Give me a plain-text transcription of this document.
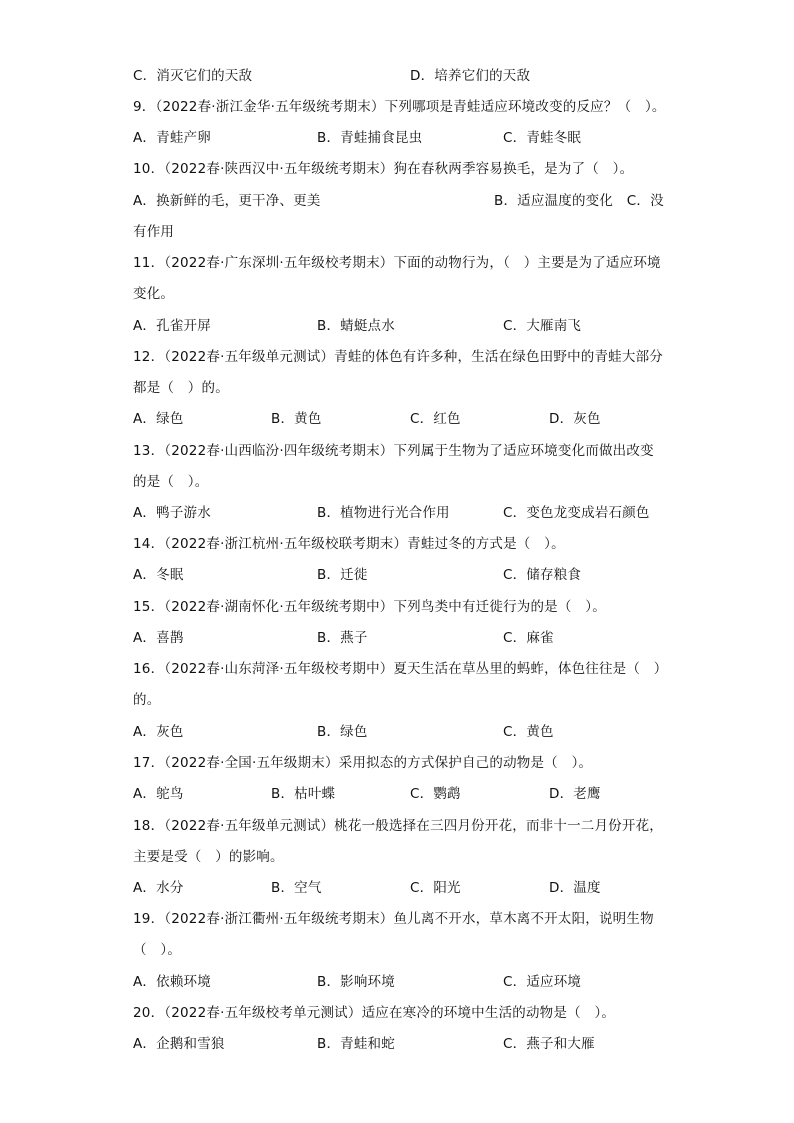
C．消灭它们的天敌	D．培养它们的天敌
9．（2022春·浙江金华·五年级统考期末）下列哪项是青蛙适应环境改变的反应？（　）。
A．青蛙产卵	B．青蛙捕食昆虫	C．青蛙冬眠
10．（2022春·陕西汉中·五年级统考期末）狗在春秋两季容易换毛，是为了（　）。
A．换新鲜的毛，更干净、更美	B．适应温度的变化　C．没
有作用
11．（2022春·广东深圳·五年级校考期末）下面的动物行为，（　）主要是为了适应环境
变化。
A．孔雀开屏	B．蜻蜓点水	C．大雁南飞
12．（2022春·五年级单元测试）青蛙的体色有许多种，生活在绿色田野中的青蛙大部分
都是（　）的。
A．绿色	B．黄色	C．红色	D．灰色
13．（2022春·山西临汾·四年级统考期末）下列属于生物为了适应环境变化而做出改变
的是（　）。
A．鸭子游水	B．植物进行光合作用	C．变色龙变成岩石颜色
14．（2022春·浙江杭州·五年级校联考期末）青蛙过冬的方式是（　）。
A．冬眠	B．迁徙	C．储存粮食
15．（2022春·湖南怀化·五年级统考期中）下列鸟类中有迁徙行为的是（　）。
A．喜鹊	B．燕子	C．麻雀
16．（2022春·山东菏泽·五年级校考期中）夏天生活在草丛里的蚂蚱，体色往往是（　）
的。
A．灰色	B．绿色	C．黄色
17．（2022春·全国·五年级期末）采用拟态的方式保护自己的动物是（　）。
A．鸵鸟	B．枯叶蝶	C．鹦鹉	D．老鹰
18．（2022春·五年级单元测试）桃花一般选择在三四月份开花，而非十一二月份开花，
主要是受（　）的影响。
A．水分	B．空气	C．阳光	D．温度
19．（2022春·浙江衢州·五年级统考期末）鱼儿离不开水，草木离不开太阳，说明生物
（　）。
A．依赖环境	B．影响环境	C．适应环境
20．（2022春·五年级校考单元测试）适应在寒冷的环境中生活的动物是（　）。
A．企鹅和雪狼	B．青蛙和蛇	C．燕子和大雁
